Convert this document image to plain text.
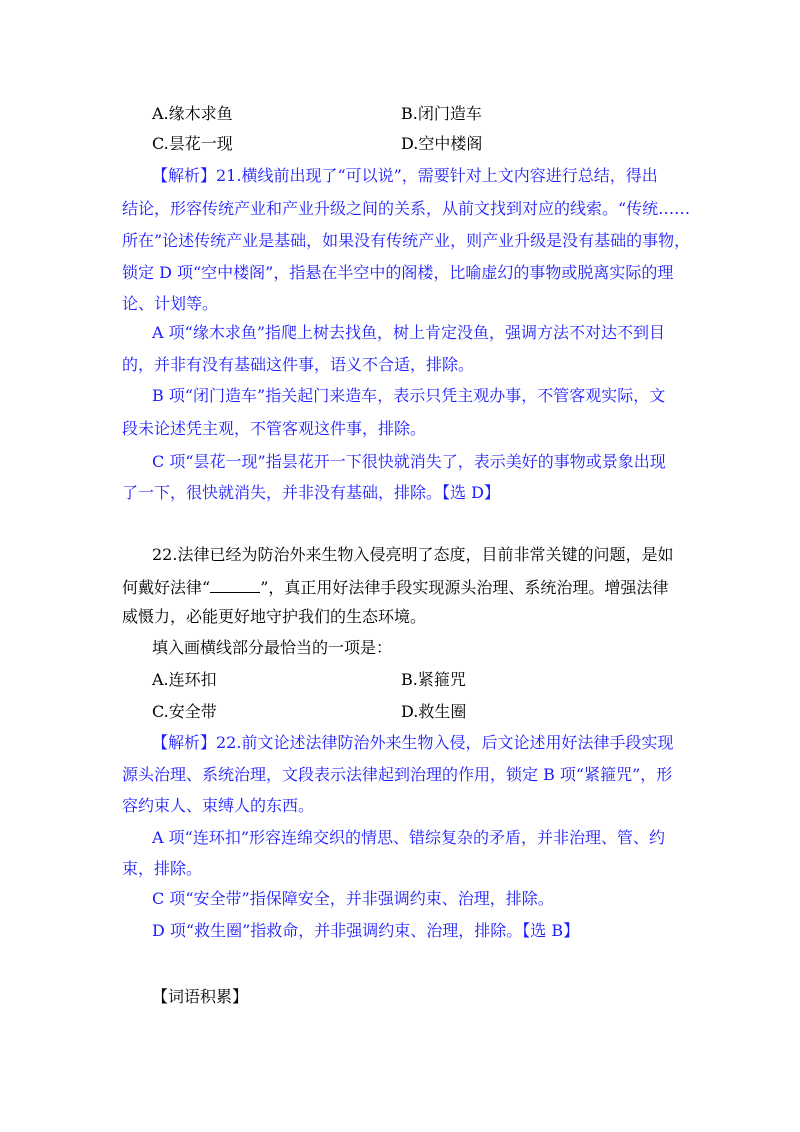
A.缘木求鱼	B.闭门造车
C.昙花一现	D.空中楼阁
【解析】21.横线前出现了“可以说”，需要针对上文内容进行总结，得出
结论，形容传统产业和产业升级之间的关系，从前文找到对应的线索。“传统……
所在”论述传统产业是基础，如果没有传统产业，则产业升级是没有基础的事物，
锁定 D 项“空中楼阁”，指悬在半空中的阁楼，比喻虚幻的事物或脱离实际的理
论、计划等。
A 项“缘木求鱼”指爬上树去找鱼，树上肯定没鱼，强调方法不对达不到目
的，并非有没有基础这件事，语义不合适，排除。
B 项“闭门造车”指关起门来造车，表示只凭主观办事，不管客观实际，文
段未论述凭主观，不管客观这件事，排除。
C 项“昙花一现”指昙花开一下很快就消失了，表示美好的事物或景象出现
了一下，很快就消失，并非没有基础，排除。【选 D】
22.法律已经为防治外来生物入侵亮明了态度，目前非常关键的问题，是如
何戴好法律“	”，真正用好法律手段实现源头治理、系统治理。增强法律
威慑力，必能更好地守护我们的生态环境。
填入画横线部分最恰当的一项是：
A.连环扣	B.紧箍咒
C.安全带	D.救生圈
【解析】22.前文论述法律防治外来生物入侵，后文论述用好法律手段实现
源头治理、系统治理，文段表示法律起到治理的作用，锁定 B 项“紧箍咒”，形
容约束人、束缚人的东西。
A 项“连环扣”形容连绵交织的情思、错综复杂的矛盾，并非治理、管、约
束，排除。
C 项“安全带”指保障安全，并非强调约束、治理，排除。
D 项“救生圈”指救命，并非强调约束、治理，排除。【选 B】
【词语积累】
